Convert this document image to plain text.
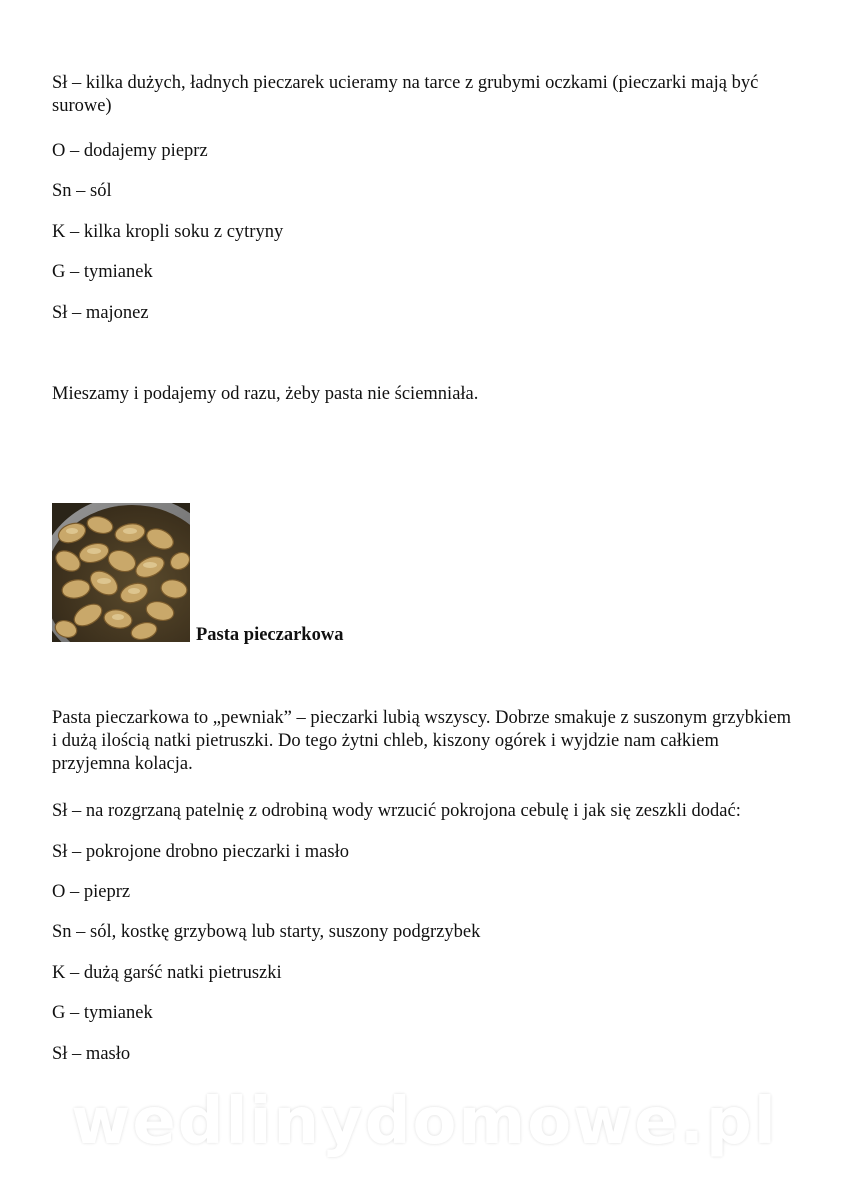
Sł – kilka dużych, ładnych pieczarek ucieramy na tarce z grubymi oczkami (pieczarki mają być surowe)

O – dodajemy pieprz

Sn – sól

K – kilka kropli soku z cytryny

G – tymianek

Sł – majonez

Mieszamy i podajemy od razu, żeby pasta nie ściemniała.

Pasta pieczarkowa

Pasta pieczarkowa to „pewniak” – pieczarki lubią wszyscy. Dobrze smakuje z suszonym grzybkiem i dużą ilością natki pietruszki. Do tego żytni chleb, kiszony ogórek i wyjdzie nam całkiem przyjemna kolacja.

Sł – na rozgrzaną patelnię z odrobiną wody wrzucić pokrojona cebulę i jak się zeszkli dodać:

Sł – pokrojone drobno pieczarki i masło

O – pieprz

Sn – sól, kostkę grzybową lub starty, suszony podgrzybek

K – dużą garść natki pietruszki

G – tymianek

Sł – masło

wedlinydomowe.pl
